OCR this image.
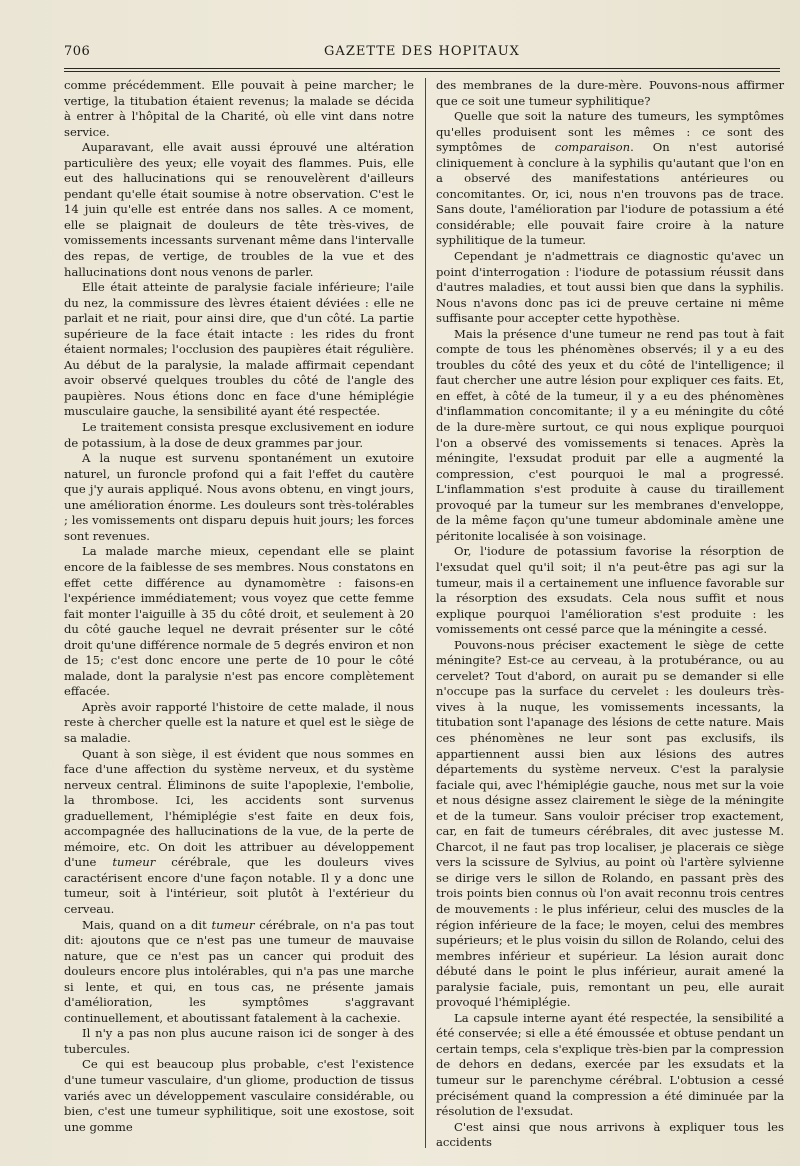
706	GAZETTE DES HOPITAUX

comme précédemment. Elle pouvait à peine marcher; le vertige, la titubation étaient revenus; la malade se décida à entrer à l'hôpital de la Charité, où elle vint dans notre service.

Auparavant, elle avait aussi éprouvé une altération particulière des yeux; elle voyait des flammes. Puis, elle eut des hallucinations qui se renouvelèrent d'ailleurs pendant qu'elle était soumise à notre observation. C'est le 14 juin qu'elle est entrée dans nos salles. A ce moment, elle se plaignait de douleurs de tête très-vives, de vomissements incessants survenant même dans l'intervalle des repas, de vertige, de troubles de la vue et des hallucinations dont nous venons de parler.

Elle était atteinte de paralysie faciale inférieure; l'aile du nez, la commissure des lèvres étaient déviées : elle ne parlait et ne riait, pour ainsi dire, que d'un côté. La partie supérieure de la face était intacte : les rides du front étaient normales; l'occlusion des paupières était régulière. Au début de la paralysie, la malade affirmait cependant avoir observé quelques troubles du côté de l'angle des paupières. Nous étions donc en face d'une hémiplégie musculaire gauche, la sensibilité ayant été respectée.

Le traitement consista presque exclusivement en iodure de potassium, à la dose de deux grammes par jour.

A la nuque est survenu spontanément un exutoire naturel, un furoncle profond qui a fait l'effet du cautère que j'y aurais appliqué. Nous avons obtenu, en vingt jours, une amélioration énorme. Les douleurs sont très-tolérables ; les vomissements ont disparu depuis huit jours; les forces sont revenues.

La malade marche mieux, cependant elle se plaint encore de la faiblesse de ses membres. Nous constatons en effet cette différence au dynamomètre : faisons-en l'expérience immédiatement; vous voyez que cette femme fait monter l'aiguille à 35 du côté droit, et seulement à 20 du côté gauche lequel ne devrait présenter sur le côté droit qu'une différence normale de 5 degrés environ et non de 15; c'est donc encore une perte de 10 pour le côté malade, dont la paralysie n'est pas encore complètement effacée.

Après avoir rapporté l'histoire de cette malade, il nous reste à chercher quelle est la nature et quel est le siège de sa maladie.

Quant à son siège, il est évident que nous sommes en face d'une affection du système nerveux, et du système nerveux central. Éliminons de suite l'apoplexie, l'embolie, la thrombose. Ici, les accidents sont survenus graduellement, l'hémiplégie s'est faite en deux fois, accompagnée des hallucinations de la vue, de la perte de mémoire, etc. On doit les attribuer au développement d'une tumeur cérébrale, que les douleurs vives caractérisent encore d'une façon notable. Il y a donc une tumeur, soit à l'intérieur, soit plutôt à l'extérieur du cerveau.

Mais, quand on a dit tumeur cérébrale, on n'a pas tout dit: ajoutons que ce n'est pas une tumeur de mauvaise nature, que ce n'est pas un cancer qui produit des douleurs encore plus intolérables, qui n'a pas une marche si lente, et qui, en tous cas, ne présente jamais d'amélioration, les symptômes s'aggravant continuellement, et aboutissant fatalement à la cachexie.

Il n'y a pas non plus aucune raison ici de songer à des tubercules.

Ce qui est beaucoup plus probable, c'est l'existence d'une tumeur vasculaire, d'un gliome, production de tissus variés avec un développement vasculaire considérable, ou bien, c'est une tumeur syphilitique, soit une exostose, soit une gomme

des membranes de la dure-mère. Pouvons-nous affirmer que ce soit une tumeur syphilitique?

Quelle que soit la nature des tumeurs, les symptômes qu'elles produisent sont les mêmes : ce sont des symptômes de comparaison. On n'est autorisé cliniquement à conclure à la syphilis qu'autant que l'on en a observé des manifestations antérieures ou concomitantes. Or, ici, nous n'en trouvons pas de trace. Sans doute, l'amélioration par l'iodure de potassium a été considérable; elle pouvait faire croire à la nature syphilitique de la tumeur.

Cependant je n'admettrais ce diagnostic qu'avec un point d'interrogation : l'iodure de potassium réussit dans d'autres maladies, et tout aussi bien que dans la syphilis. Nous n'avons donc pas ici de preuve certaine ni même suffisante pour accepter cette hypothèse.

Mais la présence d'une tumeur ne rend pas tout à fait compte de tous les phénomènes observés; il y a eu des troubles du côté des yeux et du côté de l'intelligence; il faut chercher une autre lésion pour expliquer ces faits. Et, en effet, à côté de la tumeur, il y a eu des phénomènes d'inflammation concomitante; il y a eu méningite du côté de la dure-mère surtout, ce qui nous explique pourquoi l'on a observé des vomissements si tenaces. Après la méningite, l'exsudat produit par elle a augmenté la compression, c'est pourquoi le mal a progressé. L'inflammation s'est produite à cause du tiraillement provoqué par la tumeur sur les membranes d'enveloppe, de la même façon qu'une tumeur abdominale amène une péritonite localisée à son voisinage.

Or, l'iodure de potassium favorise la résorption de l'exsudat quel qu'il soit; il n'a peut-être pas agi sur la tumeur, mais il a certainement une influence favorable sur la résorption des exsudats. Cela nous suffit et nous explique pourquoi l'amélioration s'est produite : les vomissements ont cessé parce que la méningite a cessé.

Pouvons-nous préciser exactement le siège de cette méningite? Est-ce au cerveau, à la protubérance, ou au cervelet? Tout d'abord, on aurait pu se demander si elle n'occupe pas la surface du cervelet : les douleurs très-vives à la nuque, les vomissements incessants, la titubation sont l'apanage des lésions de cette nature. Mais ces phénomènes ne leur sont pas exclusifs, ils appartiennent aussi bien aux lésions des autres départements du système nerveux. C'est la paralysie faciale qui, avec l'hémiplégie gauche, nous met sur la voie et nous désigne assez clairement le siège de la méningite et de la tumeur. Sans vouloir préciser trop exactement, car, en fait de tumeurs cérébrales, dit avec justesse M. Charcot, il ne faut pas trop localiser, je placerais ce siège vers la scissure de Sylvius, au point où l'artère sylvienne se dirige vers le sillon de Rolando, en passant près des trois points bien connus où l'on avait reconnu trois centres de mouvements : le plus inférieur, celui des muscles de la région inférieure de la face; le moyen, celui des membres supérieurs; et le plus voisin du sillon de Rolando, celui des membres inférieur et supérieur. La lésion aurait donc débuté dans le point le plus inférieur, aurait amené la paralysie faciale, puis, remontant un peu, elle aurait provoqué l'hémiplégie.

La capsule interne ayant été respectée, la sensibilité a été conservée; si elle a été émoussée et obtuse pendant un certain temps, cela s'explique très-bien par la compression de dehors en dedans, exercée par les exsudats et la tumeur sur le parenchyme cérébral. L'obtusion a cessé précisément quand la compression a été diminuée par la résolution de l'exsudat.

C'est ainsi que nous arrivons à expliquer tous les accidents
